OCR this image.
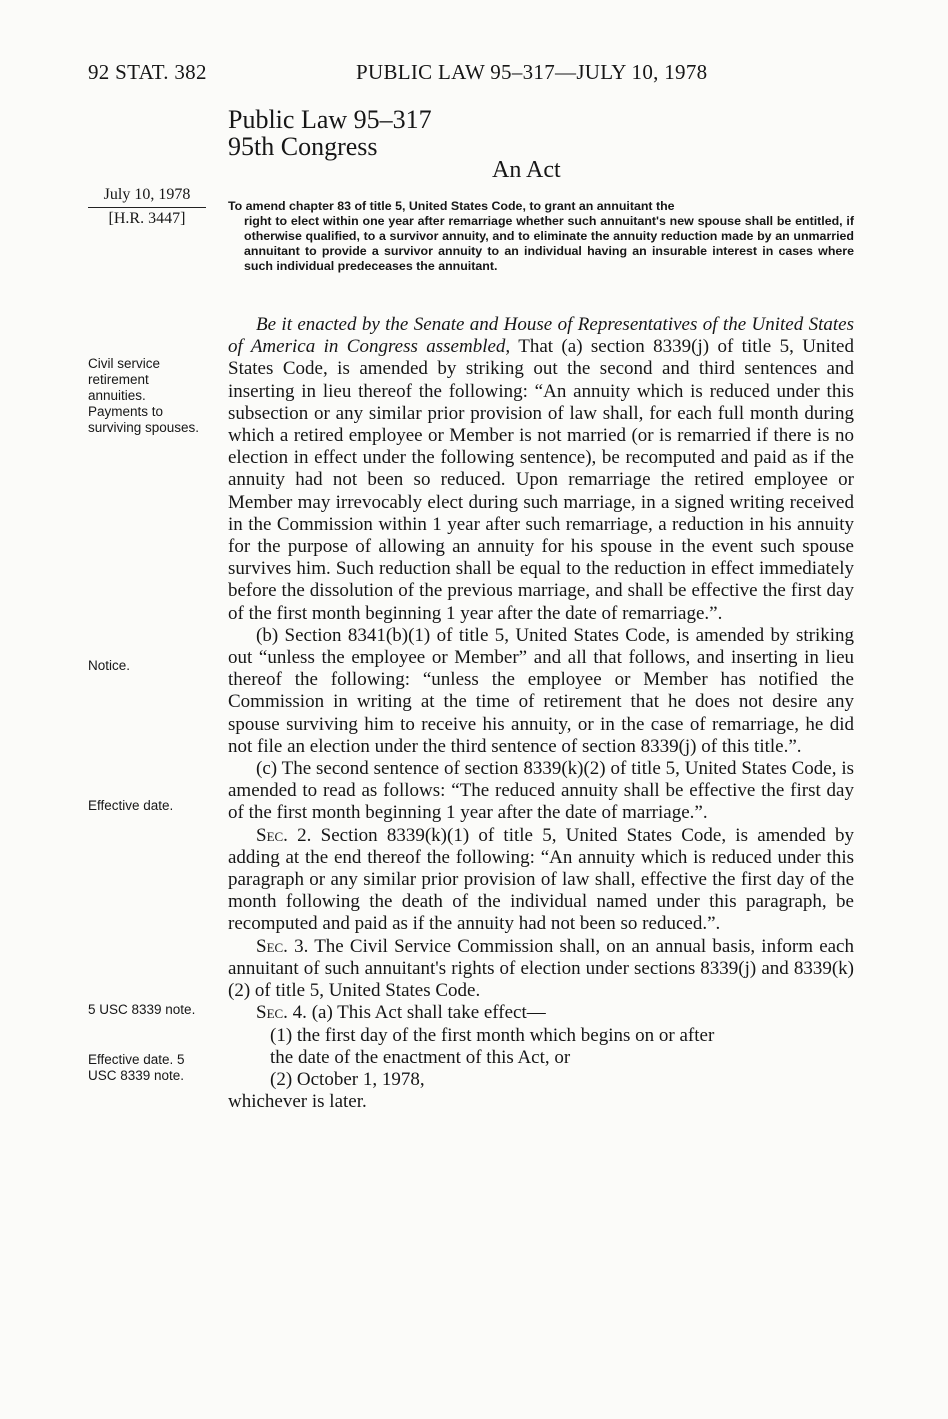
92 STAT. 382	PUBLIC LAW 95–317—JULY 10, 1978
Public Law 95–317
95th Congress
An Act
July 10, 1978
[H.R. 3447]
To amend chapter 83 of title 5, United States Code, to grant an annuitant the
right to elect within one year after remarriage whether such annuitant's new spouse shall be entitled, if otherwise qualified, to a survivor annuity, and to eliminate the annuity reduction made by an unmarried annuitant to provide a survivor annuity to an individual having an insurable interest in cases where such individual predeceases the annuitant.
Civil service retirement annuities. Payments to surviving spouses.
Notice.
Effective date.
5 USC 8339 note.
Effective date. 5 USC 8339 note.

Be it enacted by the Senate and House of Representatives of the United States of America in Congress assembled, That (a) section 8339(j) of title 5, United States Code, is amended by striking out the second and third sentences and inserting in lieu thereof the following: “An annuity which is reduced under this subsection or any similar prior provision of law shall, for each full month during which a retired employee or Member is not married (or is remarried if there is no election in effect under the following sentence), be recomputed and paid as if the annuity had not been so reduced. Upon remarriage the retired employee or Member may irrevocably elect during such marriage, in a signed writing received in the Commission within 1 year after such remarriage, a reduction in his annuity for the purpose of allowing an annuity for his spouse in the event such spouse survives him. Such reduction shall be equal to the reduction in effect immediately before the dissolution of the previous marriage, and shall be effective the first day of the first month beginning 1 year after the date of remarriage.”.

(b) Section 8341(b)(1) of title 5, United States Code, is amended by striking out “unless the employee or Member” and all that follows, and inserting in lieu thereof the following: “unless the employee or Member has notified the Commission in writing at the time of retirement that he does not desire any spouse surviving him to receive his annuity, or in the case of remarriage, he did not file an election under the third sentence of section 8339(j) of this title.”.

(c) The second sentence of section 8339(k)(2) of title 5, United States Code, is amended to read as follows: “The reduced annuity shall be effective the first day of the first month beginning 1 year after the date of marriage.”.

Sec. 2. Section 8339(k)(1) of title 5, United States Code, is amended by adding at the end thereof the following: “An annuity which is reduced under this paragraph or any similar prior provision of law shall, effective the first day of the month following the death of the individual named under this paragraph, be recomputed and paid as if the annuity had not been so reduced.”.

Sec. 3. The Civil Service Commission shall, on an annual basis, inform each annuitant of such annuitant's rights of election under sections 8339(j) and 8339(k)(2) of title 5, United States Code.

Sec. 4. (a) This Act shall take effect—

(1) the first day of the first month which begins on or after

the date of the enactment of this Act, or

(2) October 1, 1978,

whichever is later.
